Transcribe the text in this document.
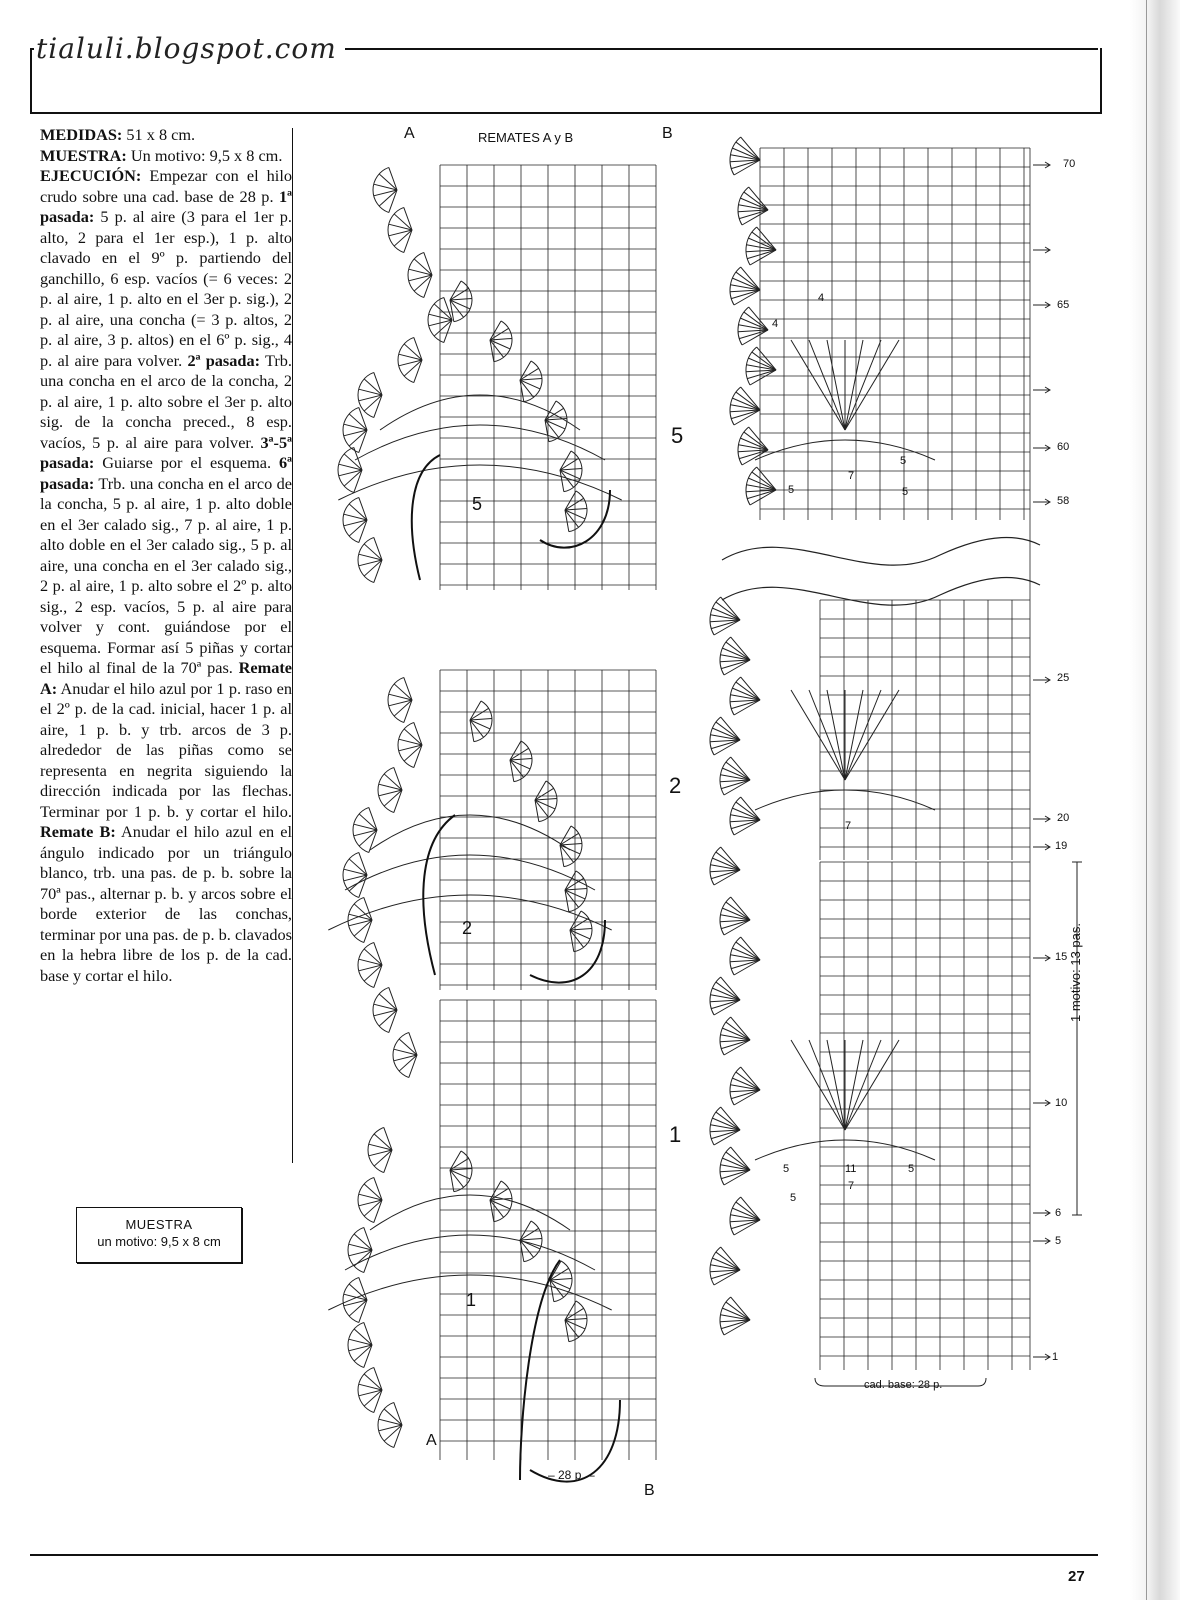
tialuli.blogspot.com

MEDIDAS: 51 x 8 cm.
MUESTRA: Un motivo: 9,5 x 8 cm.
EJECUCIÓN: Empezar con el hilo crudo sobre una cad. base de 28 p. 1ª pasada: 5 p. al aire (3 para el 1er p. alto, 2 para el 1er esp.), 1 p. alto clavado en el 9º p. partiendo del ganchillo, 6 esp. vacíos (= 6 veces: 2 p. al aire, 1 p. alto en el 3er p. sig.), 2 p. al aire, una concha (= 3 p. altos, 2 p. al aire, 3 p. altos) en el 6º p. sig., 4 p. al aire para volver. 2ª pasada: Trb. una concha en el arco de la concha, 2 p. al aire, 1 p. alto sobre el 3er p. alto sig. de la concha preced., 8 esp. vacíos, 5 p. al aire para volver. 3ª-5ª pasada: Guiarse por el esquema. 6ª pasada: Trb. una concha en el arco de la concha, 5 p. al aire, 1 p. alto doble en el 3er calado sig., 7 p. al aire, 1 p. alto doble en el 3er calado sig., 5 p. al aire, una concha en el 3er calado sig., 2 p. al aire, 1 p. alto sobre el 2º p. alto sig., 2 esp. vacíos, 5 p. al aire para volver y cont. guiándose por el esquema. Formar así 5 piñas y cortar el hilo al final de la 70ª pas. Remate A: Anudar el hilo azul por 1 p. raso en el 2º p. de la cad. inicial, hacer 1 p. al aire, 1 p. b. y trb. arcos de 3 p. alrededor de las piñas como se representa en negrita siguiendo la dirección indicada por las flechas. Terminar por 1 p. b. y cortar el hilo. Remate B: Anudar el hilo azul en el ángulo indicado por un triángulo blanco, trb. una pas. de p. b. sobre la 70ª pas., alternar p. b. y arcos sobre el borde exterior de las conchas, terminar por una pas. de p. b. clavados en la hebra libre de los p. de la cad. base y cortar el hilo.

MUESTRA
un motivo: 9,5 x 8 cm
REMATES A y B
A	B
A
B
– 28 p. –
5
2
1
5
2
1
70
65
60
58
25
20
19
15
10
6
5
1
1 motivo: 13 pas.
cad. base: 28 p.
4
4
5
7
5	5
7
5	11	5
7
5
27
